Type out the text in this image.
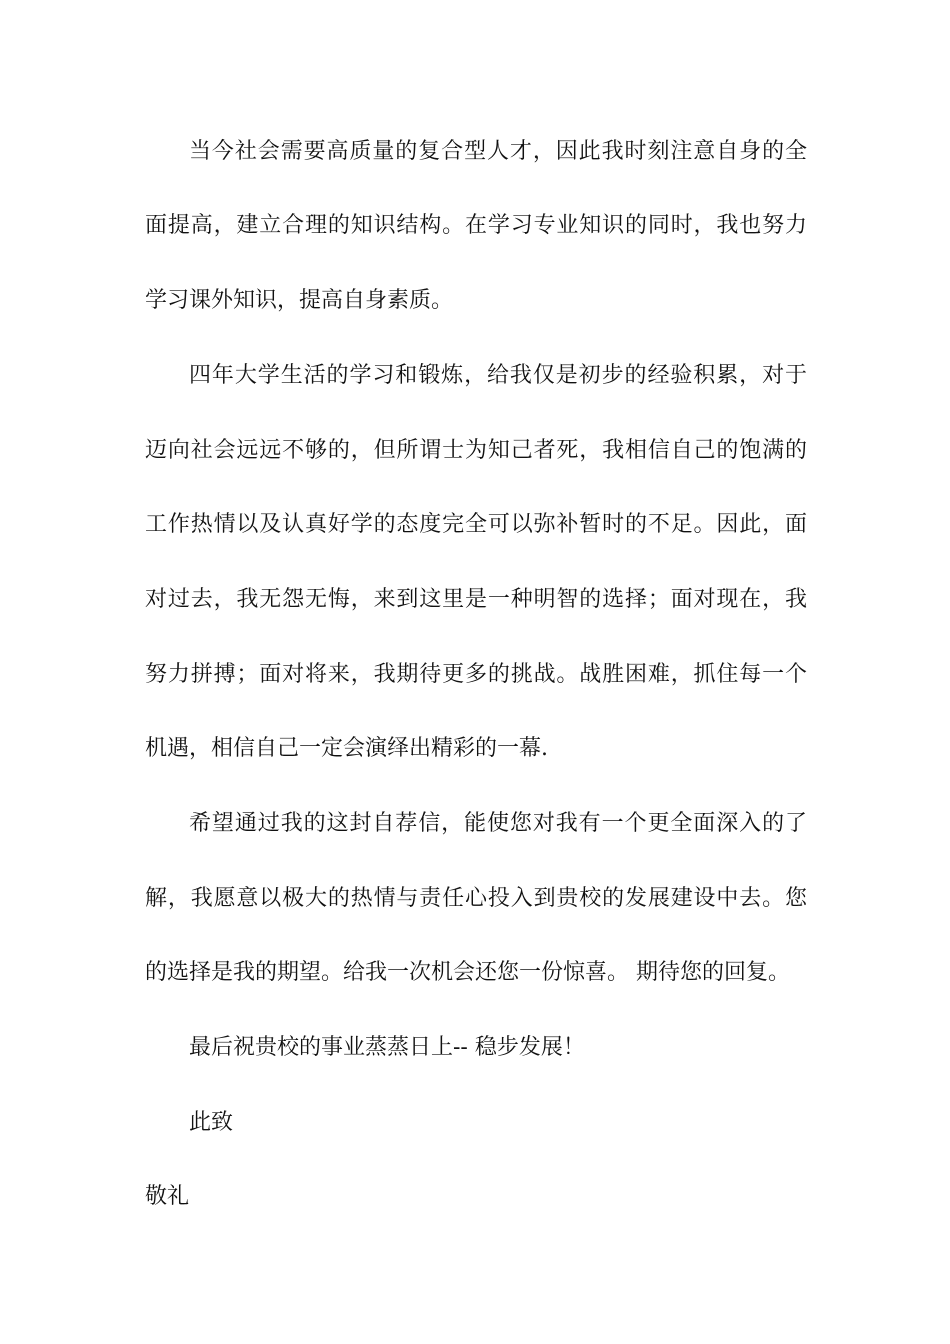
当今社会需要高质量的复合型人才，因此我时刻注意自身的全
面提高，建立合理的知识结构。在学习专业知识的同时，我也努力
学习课外知识，提高自身素质。
四年大学生活的学习和锻炼，给我仅是初步的经验积累，对于
迈向社会远远不够的，但所谓士为知己者死，我相信自己的饱满的
工作热情以及认真好学的态度完全可以弥补暂时的不足。因此，面
对过去，我无怨无悔，来到这里是一种明智的选择；面对现在，我
努力拼搏；面对将来，我期待更多的挑战。战胜困难，抓住每一个
机遇，相信自己一定会演绎出精彩的一幕.
希望通过我的这封自荐信，能使您对我有一个更全面深入的了
解，我愿意以极大的热情与责任心投入到贵校的发展建设中去。您
的选择是我的期望。给我一次机会还您一份惊喜。 期待您的回复。
最后祝贵校的事业蒸蒸日上-- 稳步发展！
此致
敬礼
